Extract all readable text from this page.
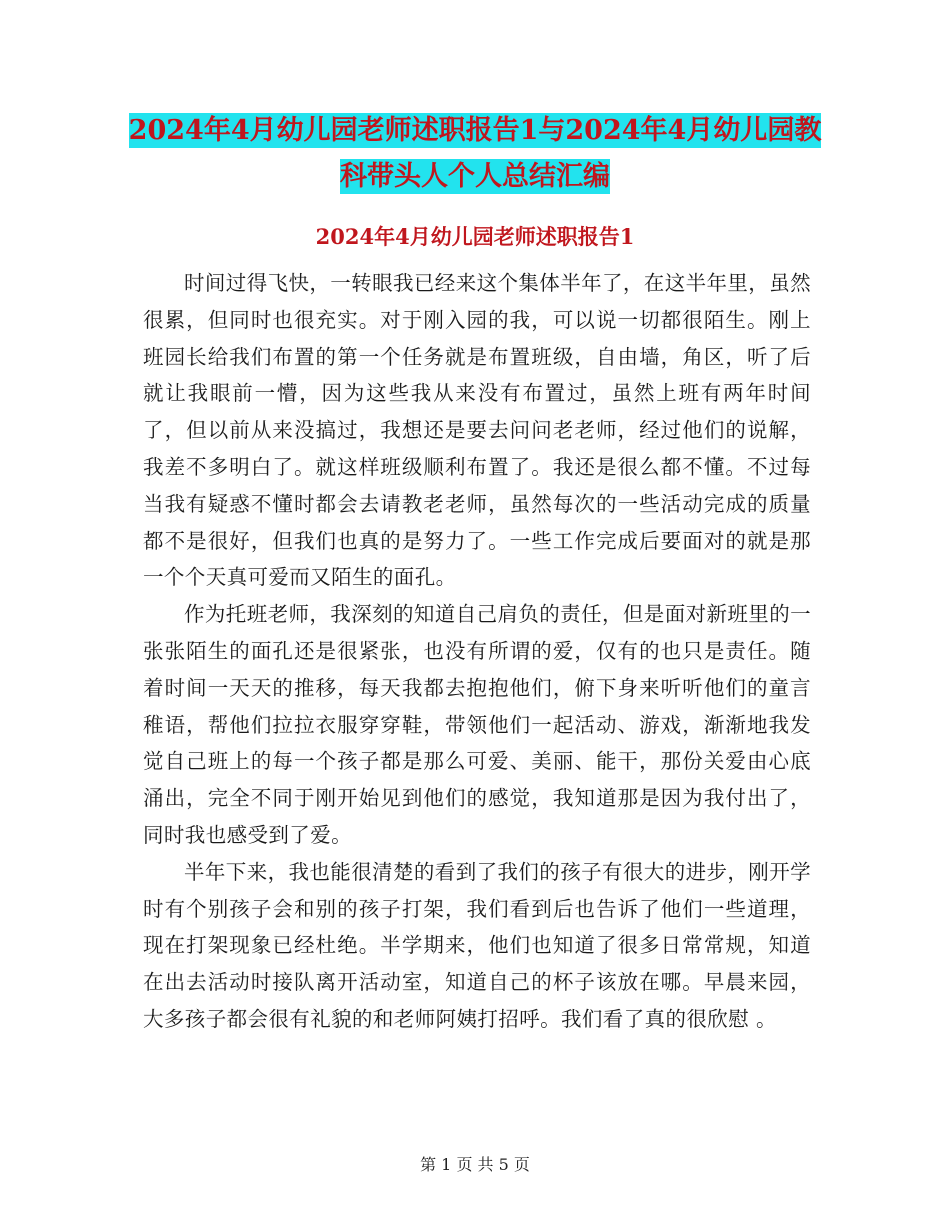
2024年4月幼儿园老师述职报告1与2024年4月幼儿园教科带头人个人总结汇编
2024年4月幼儿园老师述职报告1

时间过得飞快，一转眼我已经来这个集体半年了，在这半年里，虽然很累，但同时也很充实。对于刚入园的我，可以说一切都很陌生。刚上班园长给我们布置的第一个任务就是布置班级，自由墙，角区，听了后就让我眼前一懵，因为这些我从来没有布置过，虽然上班有两年时间了，但以前从来没搞过，我想还是要去问问老老师，经过他们的说解，我差不多明白了。就这样班级顺利布置了。我还是很么都不懂。不过每当我有疑惑不懂时都会去请教老老师，虽然每次的一些活动完成的质量都不是很好，但我们也真的是努力了。一些工作完成后要面对的就是那一个个天真可爱而又陌生的面孔。

作为托班老师，我深刻的知道自己肩负的责任，但是面对新班里的一张张陌生的面孔还是很紧张，也没有所谓的爱，仅有的也只是责任。随着时间一天天的推移，每天我都去抱抱他们，俯下身来听听他们的童言稚语，帮他们拉拉衣服穿穿鞋，带领他们一起活动、游戏，渐渐地我发觉自己班上的每一个孩子都是那么可爱、美丽、能干，那份关爱由心底涌出，完全不同于刚开始见到他们的感觉，我知道那是因为我付出了，同时我也感受到了爱。

半年下来，我也能很清楚的看到了我们的孩子有很大的进步，刚开学时有个别孩子会和别的孩子打架，我们看到后也告诉了他们一些道理，现在打架现象已经杜绝。半学期来，他们也知道了很多日常常规，知道在出去活动时接队离开活动室，知道自己的杯子该放在哪。早晨来园，大多孩子都会很有礼貌的和老师阿姨打招呼。我们看了真的很欣慰 。

第 1 页 共 5 页
